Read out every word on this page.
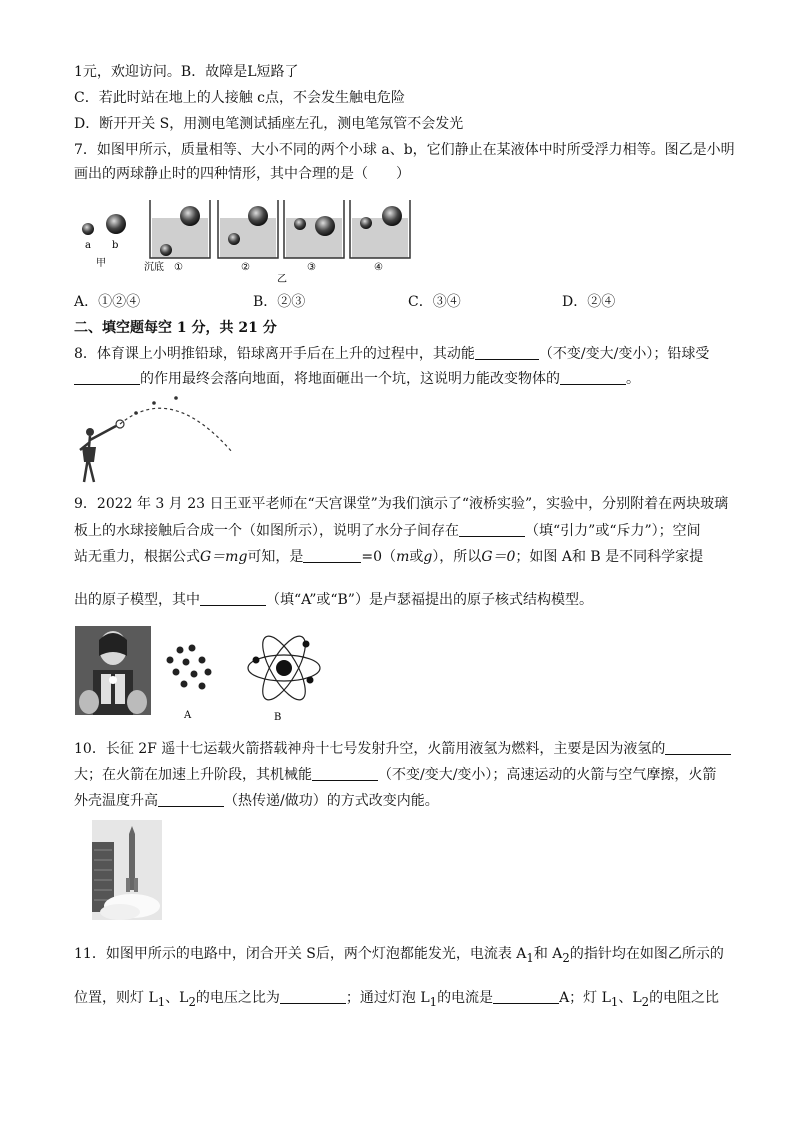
1元，欢迎访问。B．故障是L短路了
C．若此时站在地上的人接触 c点，不会发生触电危险
D．断开开关 S，用测电笔测试插座左孔，测电笔氖管不会发光
7．如图甲所示，质量相等、大小不同的两个小球 a、b，它们静止在某液体中时所受浮力相等。图乙是小明
画出的两球静止时的四种情形，其中合理的是（　　）
a b
甲	沉底 ①	②	③	④
乙
A．①②④	B．②③	C．③④	D．②④
二、填空题每空 1 分，共 21 分
8．体育课上小明推铅球，铅球离开手后在上升的过程中，其动能	（不变/变大/变小）；铅球受
的作用最终会落向地面，将地面砸出一个坑，这说明力能改变物体的	。
9．2022 年 3 月 23 日王亚平老师在“天宫课堂”为我们演示了“液桥实验”，实验中，分别附着在两块玻璃
板上的水球接触后合成一个（如图所示），说明了水分子间存在	（填“引力”或“斥力”）；空间
站无重力，根据公式G＝mg可知，是	=0（m或g），所以G＝0；如图 A和 B 是不同科学家提
出的原子模型，其中	（填“A”或“B”）是卢瑟福提出的原子核式结构模型。
A	B
10．长征 2F 遥十七运载火箭搭载神舟十七号发射升空，火箭用液氢为燃料，主要是因为液氢的
大；在火箭在加速上升阶段，其机械能	（不变/变大/变小）；高速运动的火箭与空气摩擦，火箭
外壳温度升高	（热传递/做功）的方式改变内能。
11．如图甲所示的电路中，闭合开关 S后，两个灯泡都能发光，电流表 $A_1$和 $A_2$的指针均在如图乙所示的
位置，则灯 $L_1$、$L_2$的电压之比为	；通过灯泡 $L_1$的电流是	A；灯 $L_1$、$L_2$的电阻之比
